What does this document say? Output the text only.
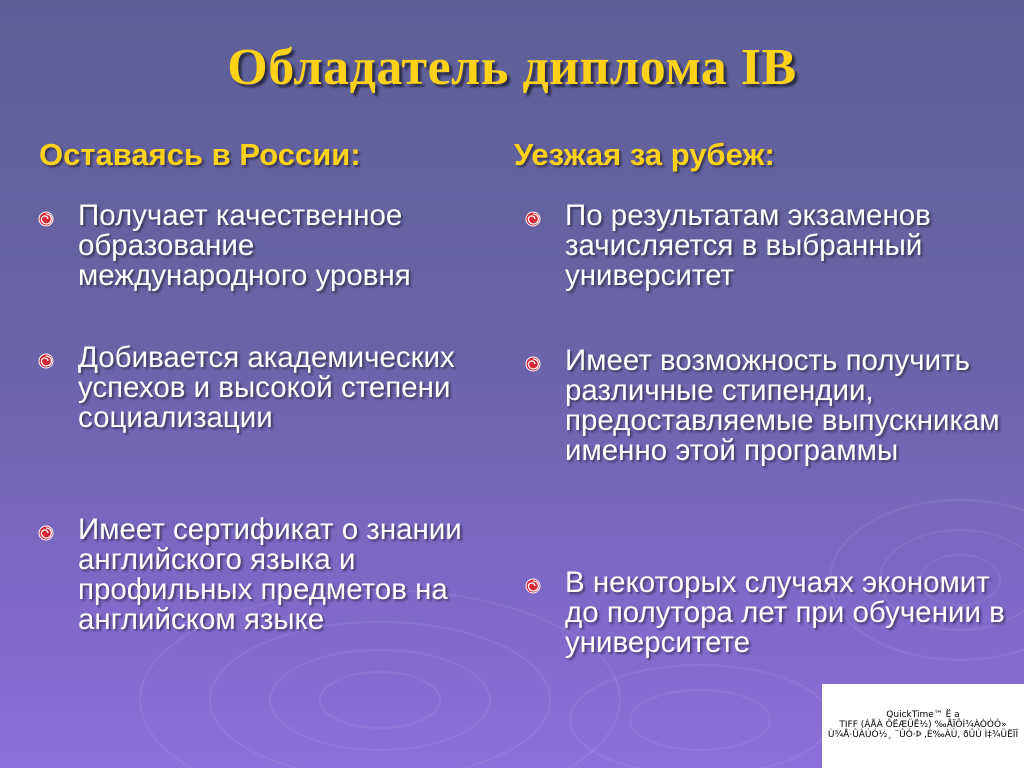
Обладатель диплома IB
Оставаясь в России:	Уезжая за рубеж:
Получает качественное образование международного уровня
Добивается академических успехов и высокой степени социализации
Имеет сертификат о знании английского языка и профильных предметов на английском языке
По результатам экзаменов зачисляется в выбранный университет
Имеет возможность получить различные стипендии, предоставляемые выпускникам именно этой программы
В некоторых случаях экономит до полутора лет при обучении в университете
QuickTime™ Ё а
TIFF (ÁÅÀ ÔËÆÜË½) ‰ÅÏÔÍ¾ÀÒÓÓ»
Ù¾Å·ÛÀÚÓ½¸ ¨ÛÓ·Þ ,É‰ÀÙ, ðÛÙ Ì‡¾ÜËÏÎ
